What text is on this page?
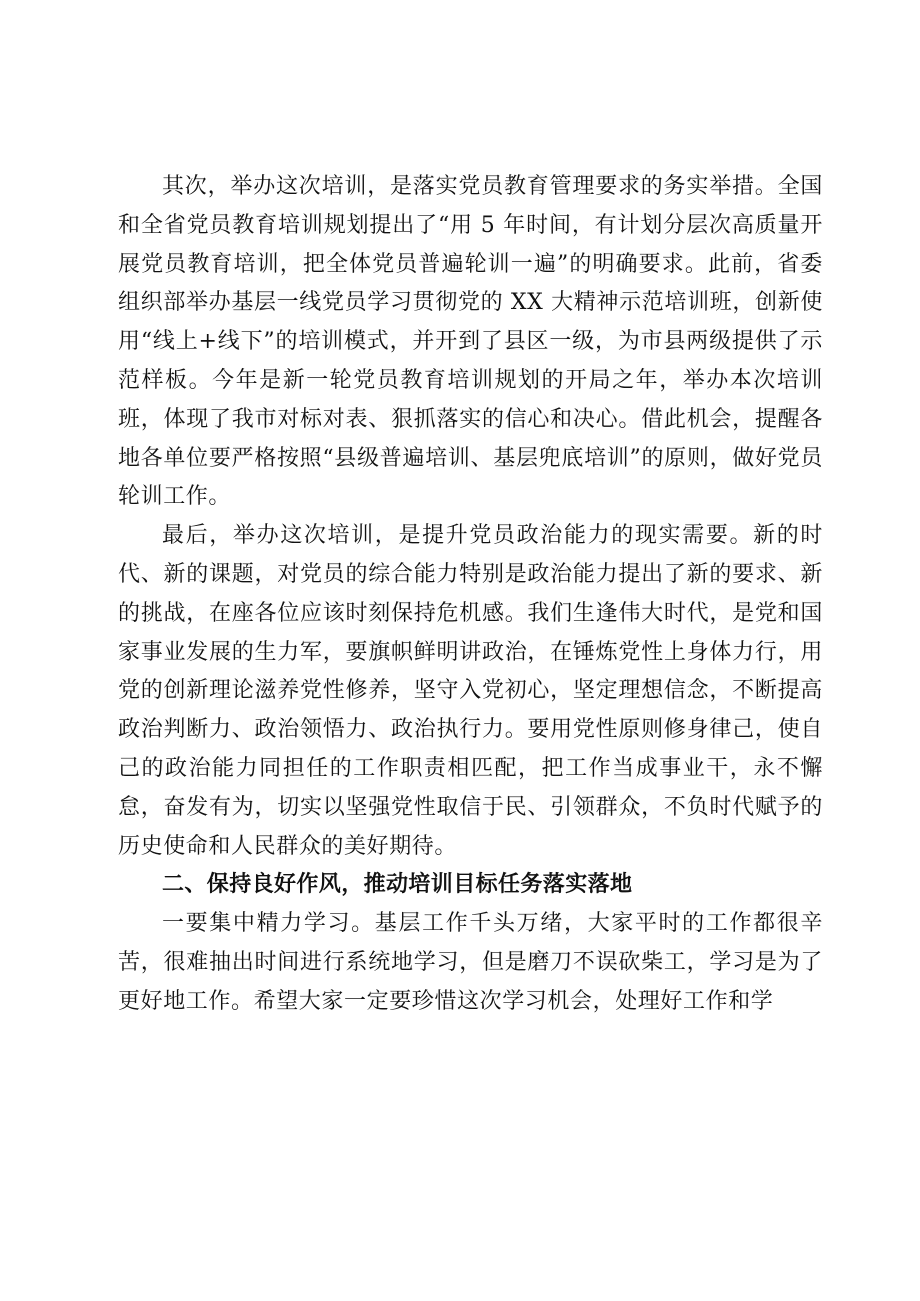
其次，举办这次培训，是落实党员教育管理要求的务实举措。全国和全省党员教育培训规划提出了“用 5 年时间，有计划分层次高质量开展党员教育培训，把全体党员普遍轮训一遍”的明确要求。此前，省委组织部举办基层一线党员学习贯彻党的 XX 大精神示范培训班，创新使用“线上+线下”的培训模式，并开到了县区一级，为市县两级提供了示范样板。今年是新一轮党员教育培训规划的开局之年，举办本次培训班，体现了我市对标对表、狠抓落实的信心和决心。借此机会，提醒各地各单位要严格按照“县级普遍培训、基层兜底培训”的原则，做好党员轮训工作。

最后，举办这次培训，是提升党员政治能力的现实需要。新的时代、新的课题，对党员的综合能力特别是政治能力提出了新的要求、新的挑战，在座各位应该时刻保持危机感。我们生逢伟大时代，是党和国家事业发展的生力军，要旗帜鲜明讲政治，在锤炼党性上身体力行，用党的创新理论滋养党性修养，坚守入党初心，坚定理想信念，不断提高政治判断力、政治领悟力、政治执行力。要用党性原则修身律己，使自己的政治能力同担任的工作职责相匹配，把工作当成事业干，永不懈怠，奋发有为，切实以坚强党性取信于民、引领群众，不负时代赋予的历史使命和人民群众的美好期待。

二、保持良好作风，推动培训目标任务落实落地

一要集中精力学习。基层工作千头万绪，大家平时的工作都很辛苦，很难抽出时间进行系统地学习，但是磨刀不误砍柴工，学习是为了更好地工作。希望大家一定要珍惜这次学习机会，处理好工作和学
